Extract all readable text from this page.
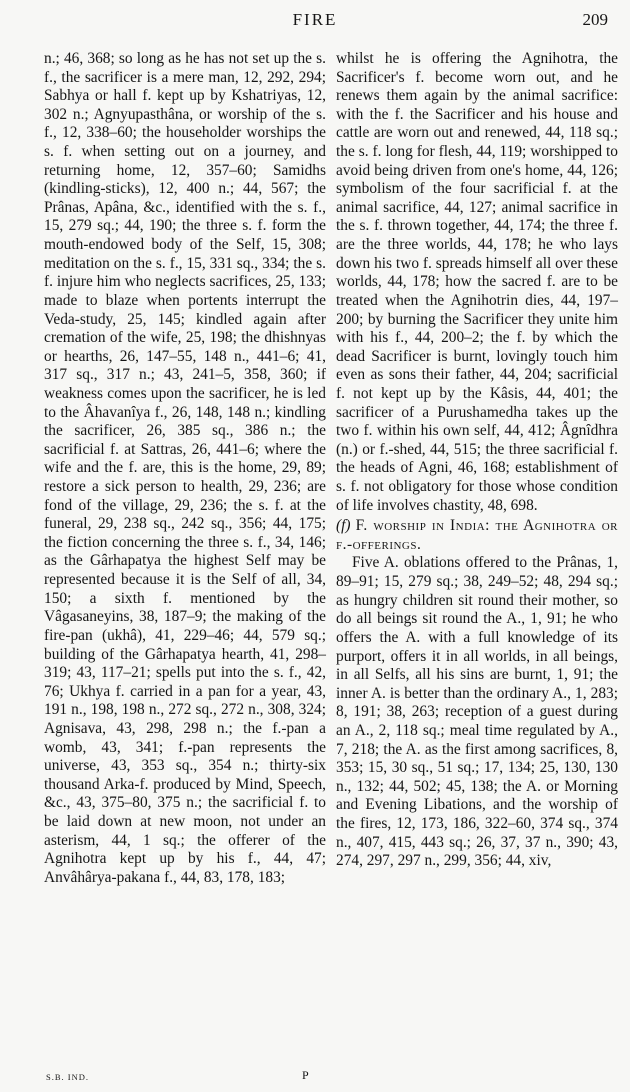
FIRE	209

n.; 46, 368; so long as he has not set up the s. f., the sacrificer is a mere man, 12, 292, 294; Sabhya or hall f. kept up by Kshatriyas, 12, 302 n.; Agnyupasthâna, or worship of the s. f., 12, 338–60; the householder worships the s. f. when setting out on a journey, and returning home, 12, 357–60; Samidhs (kindling-sticks), 12, 400 n.; 44, 567; the Prânas, Apâna, &c., identified with the s. f., 15, 279 sq.; 44, 190; the three s. f. form the mouth-endowed body of the Self, 15, 308; meditation on the s. f., 15, 331 sq., 334; the s. f. injure him who neglects sacrifices, 25, 133; made to blaze when portents interrupt the Veda-study, 25, 145; kindled again after cremation of the wife, 25, 198; the dhishnyas or hearths, 26, 147–55, 148 n., 441–6; 41, 317 sq., 317 n.; 43, 241–5, 358, 360; if weakness comes upon the sacrificer, he is led to the Âhavanîya f., 26, 148, 148 n.; kindling the sacrificer, 26, 385 sq., 386 n.; the sacrificial f. at Sattras, 26, 441–6; where the wife and the f. are, this is the home, 29, 89; restore a sick person to health, 29, 236; are fond of the village, 29, 236; the s. f. at the funeral, 29, 238 sq., 242 sq., 356; 44, 175; the fiction concerning the three s. f., 34, 146; as the Gârhapatya the highest Self may be represented because it is the Self of all, 34, 150; a sixth f. mentioned by the Vâgasaneyins, 38, 187–9; the making of the fire-pan (ukhâ), 41, 229–46; 44, 579 sq.; building of the Gârhapatya hearth, 41, 298–319; 43, 117–21; spells put into the s. f., 42, 76; Ukhya f. carried in a pan for a year, 43, 191 n., 198, 198 n., 272 sq., 272 n., 308, 324; Agnisava, 43, 298, 298 n.; the f.-pan a womb, 43, 341; f.-pan represents the universe, 43, 353 sq., 354 n.; thirty-six thousand Arka-f. produced by Mind, Speech, &c., 43, 375–80, 375 n.; the sacrificial f. to be laid down at new moon, not under an asterism, 44, 1 sq.; the offerer of the Agnihotra kept up by his f., 44, 47; Anvâhârya-pakana f., 44, 83, 178, 183;

whilst he is offering the Agnihotra, the Sacrificer's f. become worn out, and he renews them again by the animal sacrifice: with the f. the Sacrificer and his house and cattle are worn out and renewed, 44, 118 sq.; the s. f. long for flesh, 44, 119; worshipped to avoid being driven from one's home, 44, 126; symbolism of the four sacrificial f. at the animal sacrifice, 44, 127; animal sacrifice in the s. f. thrown together, 44, 174; the three f. are the three worlds, 44, 178; he who lays down his two f. spreads himself all over these worlds, 44, 178; how the sacred f. are to be treated when the Agnihotrin dies, 44, 197–200; by burning the Sacrificer they unite him with his f., 44, 200–2; the f. by which the dead Sacrificer is burnt, lovingly touch him even as sons their father, 44, 204; sacrificial f. not kept up by the Kâsis, 44, 401; the sacrificer of a Purushamedha takes up the two f. within his own self, 44, 412; Âgnîdhra (n.) or f.-shed, 44, 515; the three sacrificial f. the heads of Agni, 46, 168; establishment of s. f. not obligatory for those whose condition of life involves chastity, 48, 698.

(f) F. worship in India: the Agnihotra or f.-offerings.

Five A. oblations offered to the Prânas, 1, 89–91; 15, 279 sq.; 38, 249–52; 48, 294 sq.; as hungry children sit round their mother, so do all beings sit round the A., 1, 91; he who offers the A. with a full knowledge of its purport, offers it in all worlds, in all beings, in all Selfs, all his sins are burnt, 1, 91; the inner A. is better than the ordinary A., 1, 283; 8, 191; 38, 263; reception of a guest during an A., 2, 118 sq.; meal time regulated by A., 7, 218; the A. as the first among sacrifices, 8, 353; 15, 30 sq., 51 sq.; 17, 134; 25, 130, 130 n., 132; 44, 502; 45, 138; the A. or Morning and Evening Libations, and the worship of the fires, 12, 173, 186, 322–60, 374 sq., 374 n., 407, 415, 443 sq.; 26, 37, 37 n., 390; 43, 274, 297, 297 n., 299, 356; 44, xiv,

S.B. IND.	P
